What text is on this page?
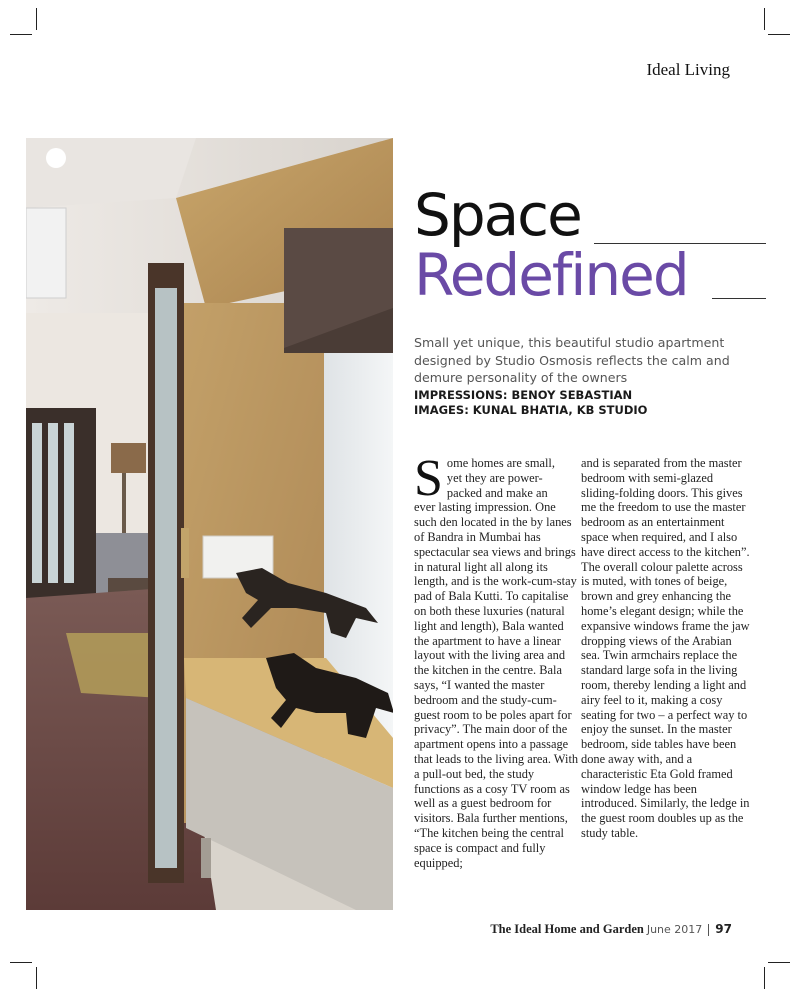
Ideal Living
Space
Redefined
Small yet unique, this beautiful studio apartment designed by Studio Osmosis reflects the calm and demure personality of the owners
IMPRESSIONS: BENOY SEBASTIAN
IMAGES: KUNAL BHATIA, KB STUDIO
Some homes are small,
yet they are power-
packed and make an
ever lasting impression. One such den located in the by lanes of Bandra in Mumbai has spectacular sea views and brings in natural light all along its length, and is the work-cum-stay pad of Bala Kutti. To capitalise on both these luxuries (natural light and length), Bala wanted the apartment to have a linear layout with the living area and the kitchen in the centre. Bala says, “I wanted the master bedroom and the study-cum-guest room to be poles apart for privacy”. The main door of the apartment opens into a passage that leads to the living area. With a pull-out bed, the study functions as a cosy TV room as well as a guest bedroom for visitors. Bala further mentions, “The kitchen being the central space is compact and fully equipped;
and is separated from the master bedroom with semi-glazed sliding-folding doors. This gives me the freedom to use the master bedroom as an entertainment space when required, and I also have direct access to the kitchen”. The overall colour palette across is muted, with tones of beige, brown and grey enhancing the home’s elegant design; while the expansive windows frame the jaw dropping views of the Arabian sea. Twin armchairs replace the standard large sofa in the living room, thereby lending a light and airy feel to it, making a cosy seating for two – a perfect way to enjoy the sunset. In the master bedroom, side tables have been done away with, and a characteristic Eta Gold framed window ledge has been introduced. Similarly, the ledge in the guest room doubles up as the study table.
The Ideal Home and Garden June 2017 97
